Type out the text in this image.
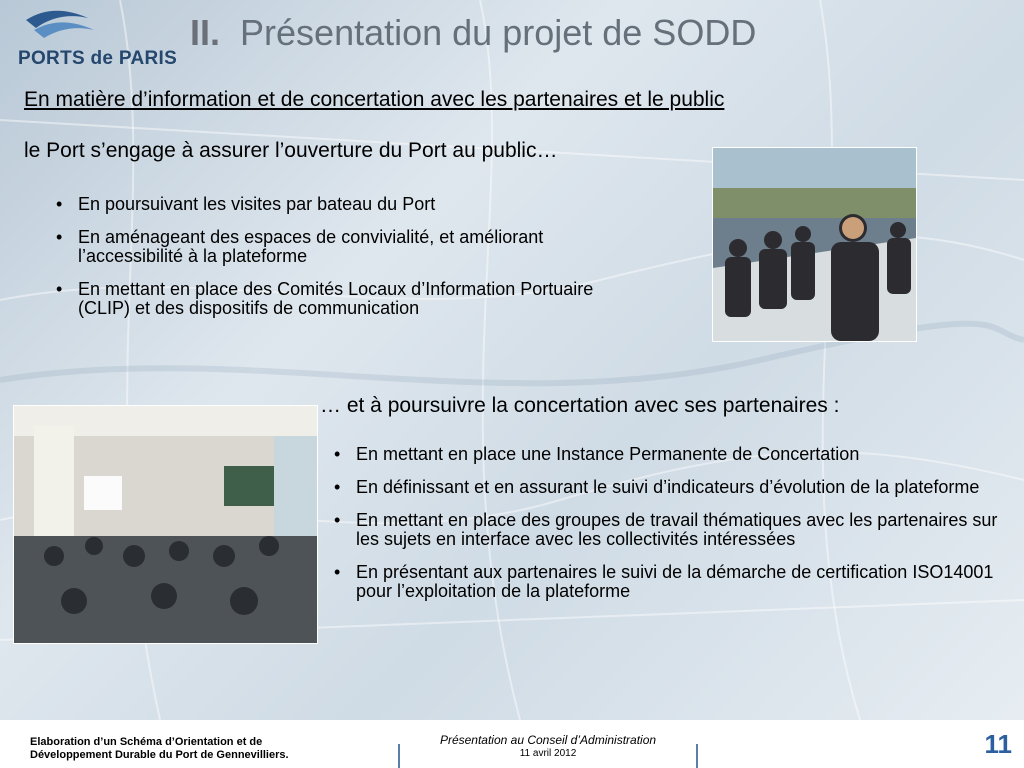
PORTS de PARIS
II. Présentation du projet de SODD
En matière d’information et de concertation avec les partenaires et le public
le Port s’engage à assurer l’ouverture du Port au public…
• En poursuivant les visites par bateau du Port
• En aménageant des espaces de convivialité, et améliorant l’accessibilité à la plateforme
• En mettant en place des Comités Locaux d’Information Portuaire (CLIP) et des dispositifs de communication
… et à poursuivre la concertation avec ses partenaires :
• En mettant en place une Instance Permanente de Concertation
• En définissant et en assurant le suivi d’indicateurs d’évolution de la plateforme
• En mettant en place des groupes de travail thématiques avec les partenaires sur les sujets en interface avec les collectivités intéressées
• En présentant aux partenaires le suivi de la démarche de certification ISO14001 pour l’exploitation de la plateforme
Elaboration d’un Schéma d’Orientation et de
Développement Durable du Port de Gennevilliers.
Présentation au Conseil d’Administration
11 avril 2012	11
